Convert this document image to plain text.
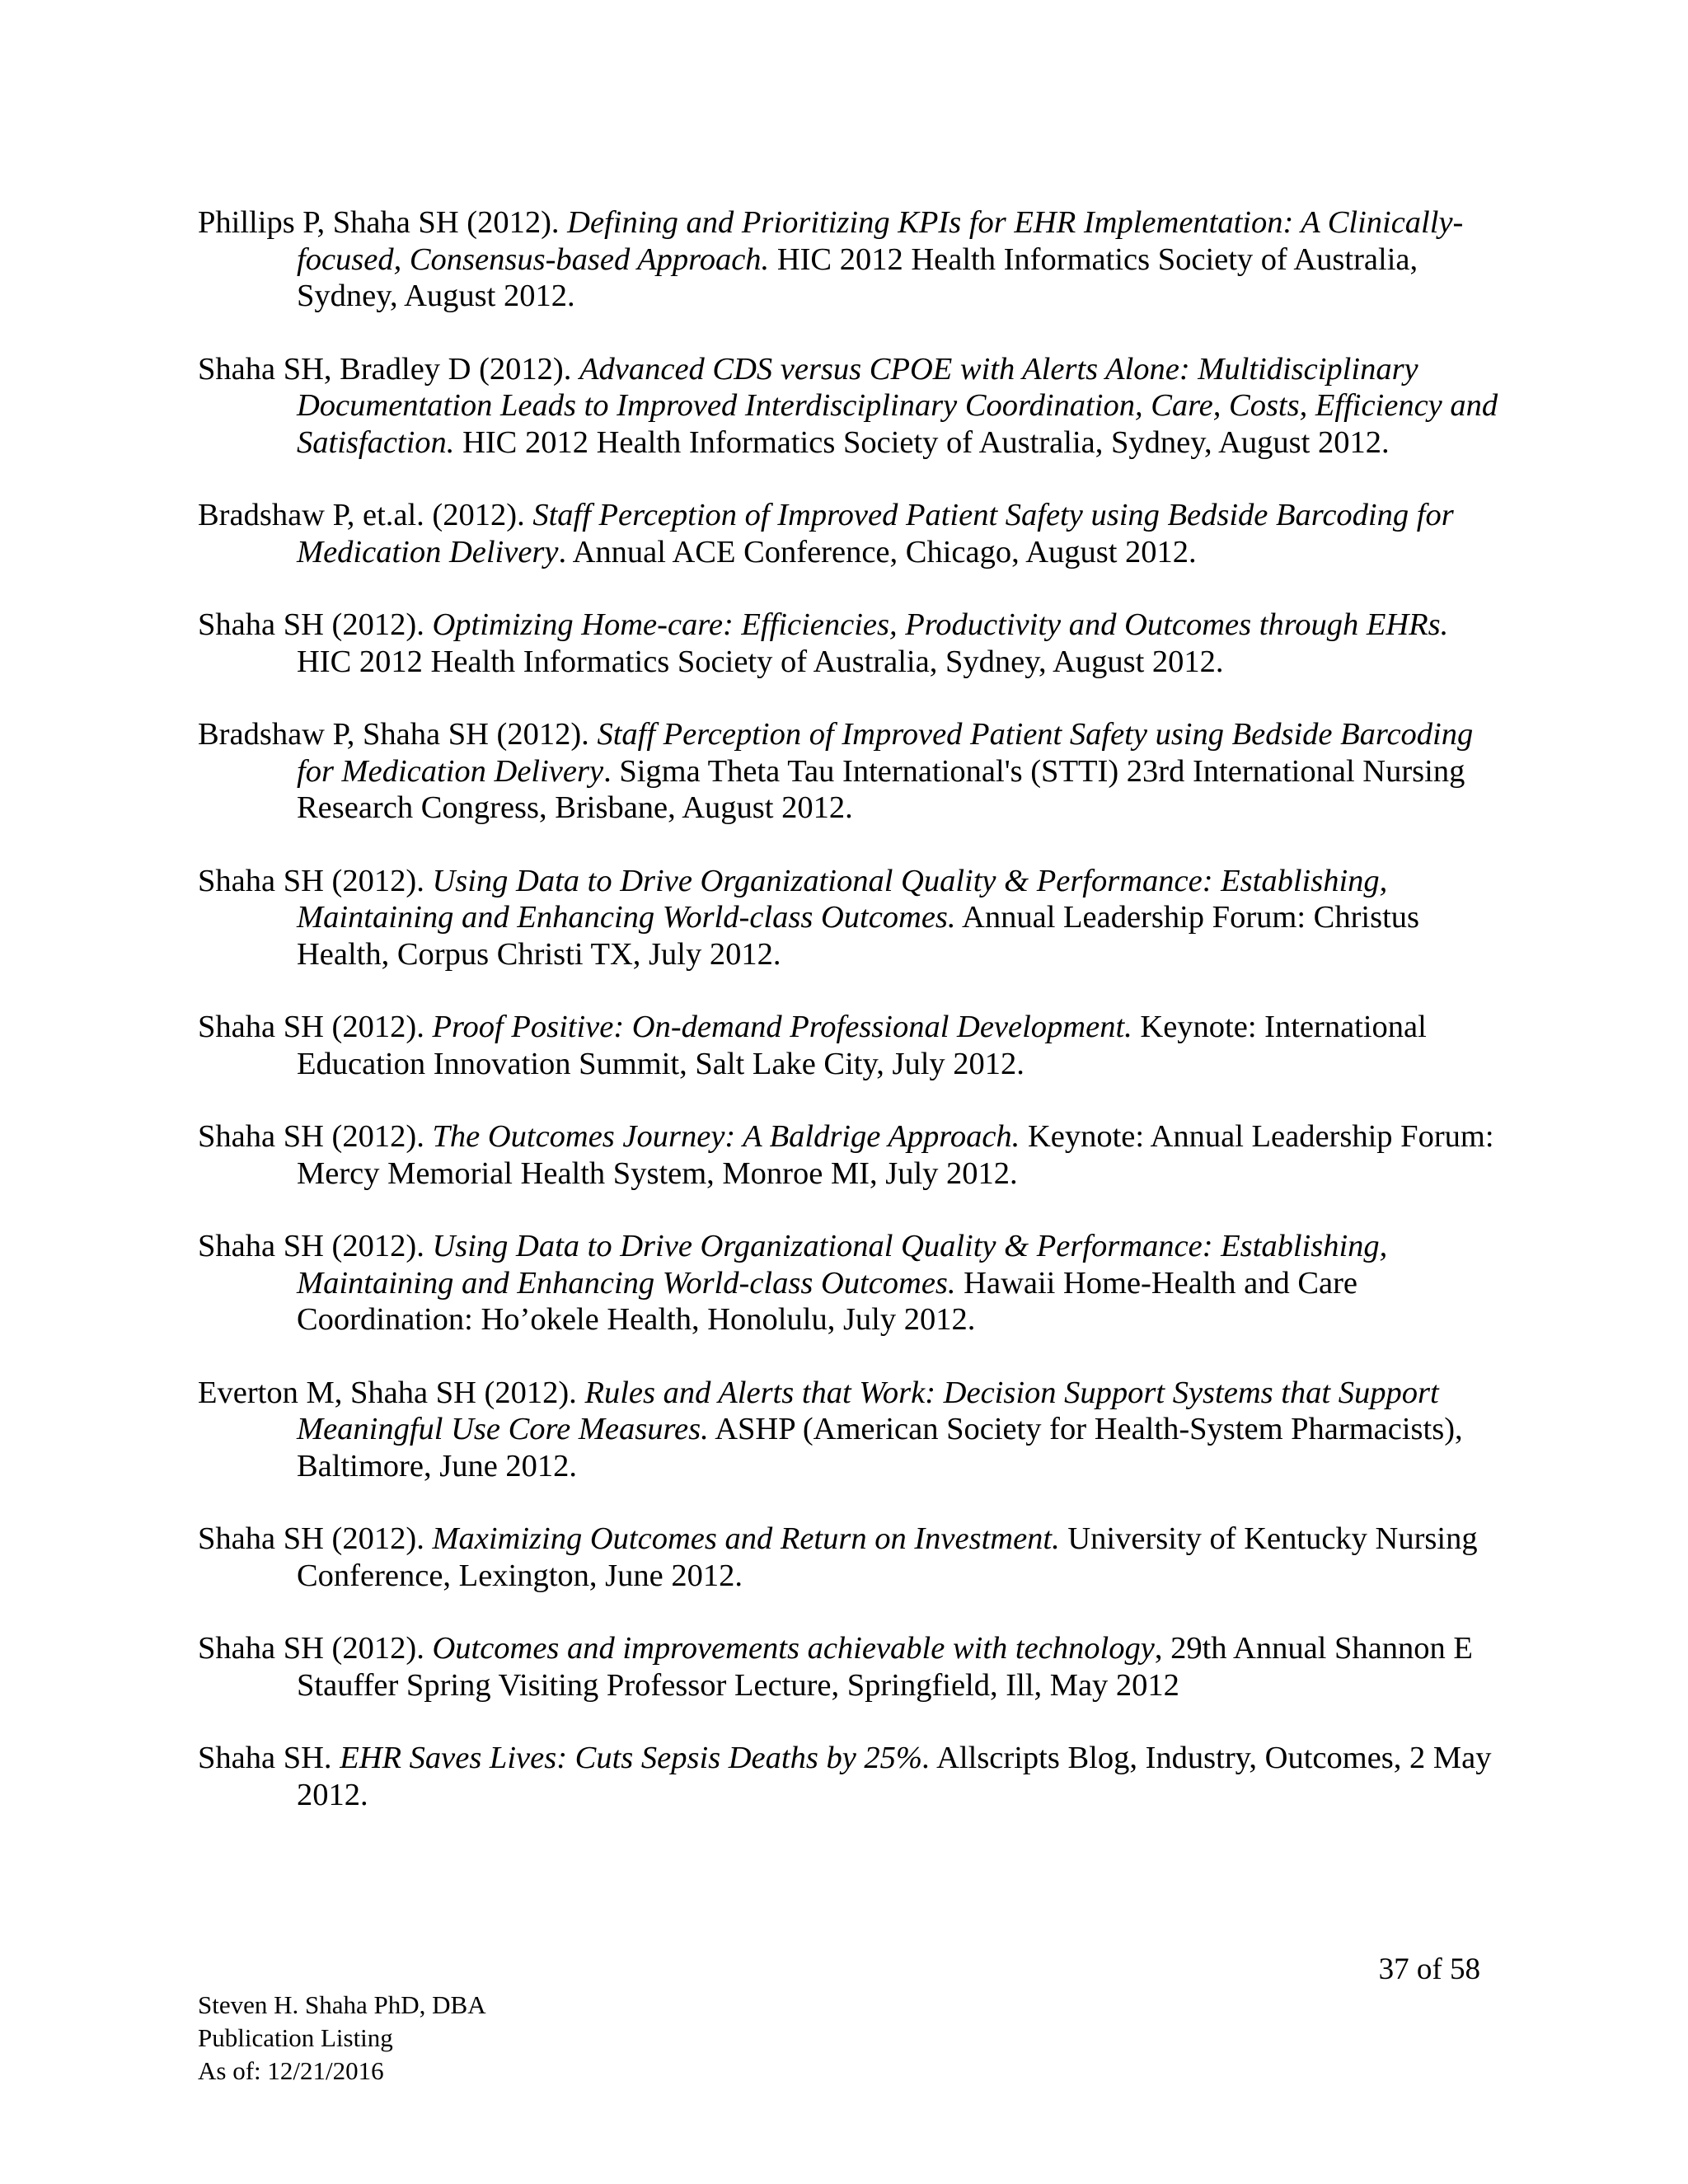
Phillips P, Shaha SH (2012). Defining and Prioritizing KPIs for EHR Implementation: A Clinically-focused, Consensus-based Approach. HIC 2012 Health Informatics Society of Australia, Sydney, August 2012.

Shaha SH, Bradley D (2012). Advanced CDS versus CPOE with Alerts Alone: Multidisciplinary Documentation Leads to Improved Interdisciplinary Coordination, Care, Costs, Efficiency and Satisfaction. HIC 2012 Health Informatics Society of Australia, Sydney, August 2012.

Bradshaw P, et.al. (2012). Staff Perception of Improved Patient Safety using Bedside Barcoding for Medication Delivery. Annual ACE Conference, Chicago, August 2012.

Shaha SH (2012). Optimizing Home-care: Efficiencies, Productivity and Outcomes through EHRs. HIC 2012 Health Informatics Society of Australia, Sydney, August 2012.

Bradshaw P, Shaha SH (2012). Staff Perception of Improved Patient Safety using Bedside Barcoding for Medication Delivery. Sigma Theta Tau International's (STTI) 23rd International Nursing Research Congress, Brisbane, August 2012.

Shaha SH (2012). Using Data to Drive Organizational Quality & Performance: Establishing, Maintaining and Enhancing World-class Outcomes. Annual Leadership Forum: Christus Health, Corpus Christi TX, July 2012.

Shaha SH (2012). Proof Positive: On-demand Professional Development. Keynote: International Education Innovation Summit, Salt Lake City, July 2012.

Shaha SH (2012). The Outcomes Journey: A Baldrige Approach. Keynote: Annual Leadership Forum: Mercy Memorial Health System, Monroe MI, July 2012.

Shaha SH (2012). Using Data to Drive Organizational Quality & Performance: Establishing, Maintaining and Enhancing World-class Outcomes. Hawaii Home-Health and Care Coordination: Ho’okele Health, Honolulu, July 2012.

Everton M, Shaha SH (2012). Rules and Alerts that Work: Decision Support Systems that Support Meaningful Use Core Measures. ASHP (American Society for Health-System Pharmacists), Baltimore, June 2012.

Shaha SH (2012). Maximizing Outcomes and Return on Investment. University of Kentucky Nursing Conference, Lexington, June 2012.

Shaha SH (2012). Outcomes and improvements achievable with technology, 29th Annual Shannon E Stauffer Spring Visiting Professor Lecture, Springfield, Ill, May 2012

Shaha SH. EHR Saves Lives: Cuts Sepsis Deaths by 25%. Allscripts Blog, Industry, Outcomes, 2 May 2012.

37 of 58
Steven H. Shaha PhD, DBA
Publication Listing
As of: 12/21/2016
